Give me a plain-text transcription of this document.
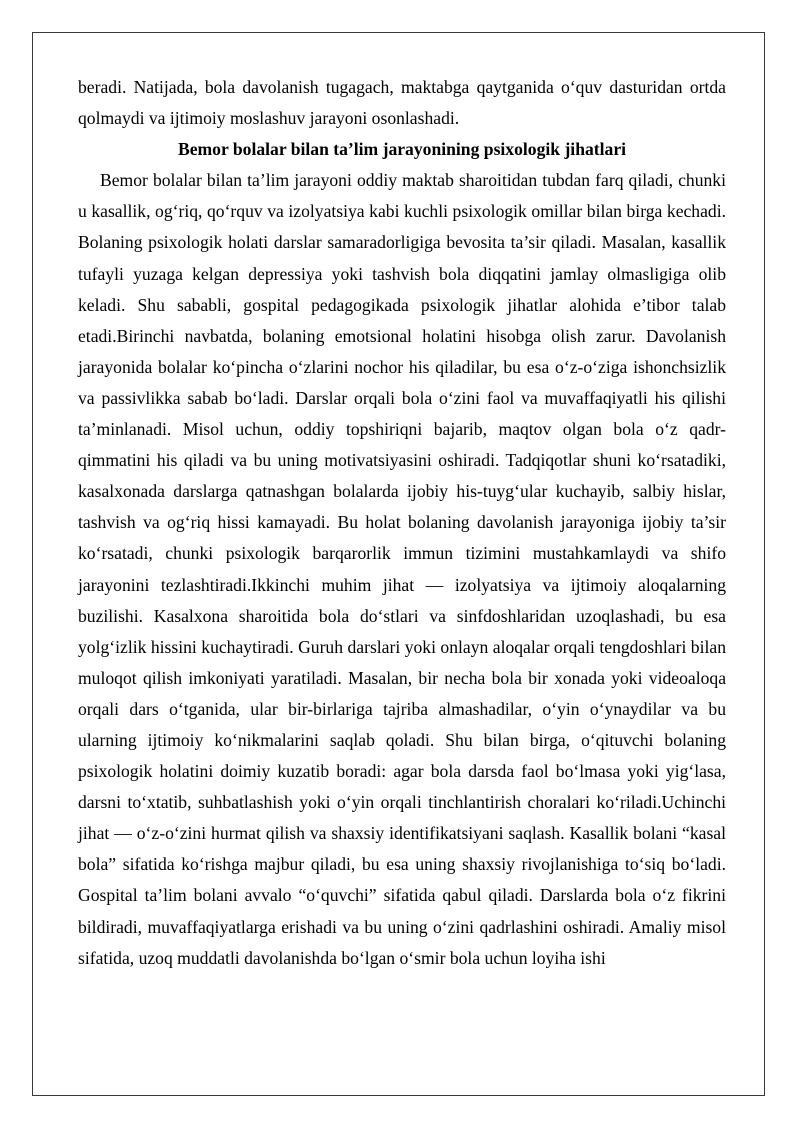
beradi. Natijada, bola davolanish tugagach, maktabga qaytganida o‘quv dasturidan ortda qolmaydi va ijtimoiy moslashuv jarayoni osonlashadi.

Bemor bolalar bilan ta’lim jarayonining psixologik jihatlari

Bemor bolalar bilan ta’lim jarayoni oddiy maktab sharoitidan tubdan farq qiladi, chunki u kasallik, og‘riq, qo‘rquv va izolyatsiya kabi kuchli psixologik omillar bilan birga kechadi. Bolaning psixologik holati darslar samaradorligiga bevosita ta’sir qiladi. Masalan, kasallik tufayli yuzaga kelgan depressiya yoki tashvish bola diqqatini jamlay olmasligiga olib keladi. Shu sababli, gospital pedagogikada psixologik jihatlar alohida e’tibor talab etadi.Birinchi navbatda, bolaning emotsional holatini hisobga olish zarur. Davolanish jarayonida bolalar ko‘pincha o‘zlarini nochor his qiladilar, bu esa o‘z-o‘ziga ishonchsizlik va passivlikka sabab bo‘ladi. Darslar orqali bola o‘zini faol va muvaffaqiyatli his qilishi ta’minlanadi. Misol uchun, oddiy topshiriqni bajarib, maqtov olgan bola o‘z qadr-qimmatini his qiladi va bu uning motivatsiyasini oshiradi. Tadqiqotlar shuni ko‘rsatadiki, kasalxonada darslarga qatnashgan bolalarda ijobiy his-tuyg‘ular kuchayib, salbiy hislar, tashvish va og‘riq hissi kamayadi. Bu holat bolaning davolanish jarayoniga ijobiy ta’sir ko‘rsatadi, chunki psixologik barqarorlik immun tizimini mustahkamlaydi va shifo jarayonini tezlashtiradi.Ikkinchi muhim jihat — izolyatsiya va ijtimoiy aloqalarning buzilishi. Kasalxona sharoitida bola do‘stlari va sinfdoshlaridan uzoqlashadi, bu esa yolg‘izlik hissini kuchaytiradi. Guruh darslari yoki onlayn aloqalar orqali tengdoshlari bilan muloqot qilish imkoniyati yaratiladi. Masalan, bir necha bola bir xonada yoki videoaloqa orqali dars o‘tganida, ular bir-birlariga tajriba almashadilar, o‘yin o‘ynaydilar va bu ularning ijtimoiy ko‘nikmalarini saqlab qoladi. Shu bilan birga, o‘qituvchi bolaning psixologik holatini doimiy kuzatib boradi: agar bola darsda faol bo‘lmasa yoki yig‘lasa, darsni to‘xtatib, suhbatlashish yoki o‘yin orqali tinchlantirish choralari ko‘riladi.Uchinchi jihat — o‘z-o‘zini hurmat qilish va shaxsiy identifikatsiyani saqlash. Kasallik bolani “kasal bola” sifatida ko‘rishga majbur qiladi, bu esa uning shaxsiy rivojlanishiga to‘siq bo‘ladi. Gospital ta’lim bolani avvalo “o‘quvchi” sifatida qabul qiladi. Darslarda bola o‘z fikrini bildiradi, muvaffaqiyatlarga erishadi va bu uning o‘zini qadrlashini oshiradi. Amaliy misol sifatida, uzoq muddatli davolanishda bo‘lgan o‘smir bola uchun loyiha ishi
